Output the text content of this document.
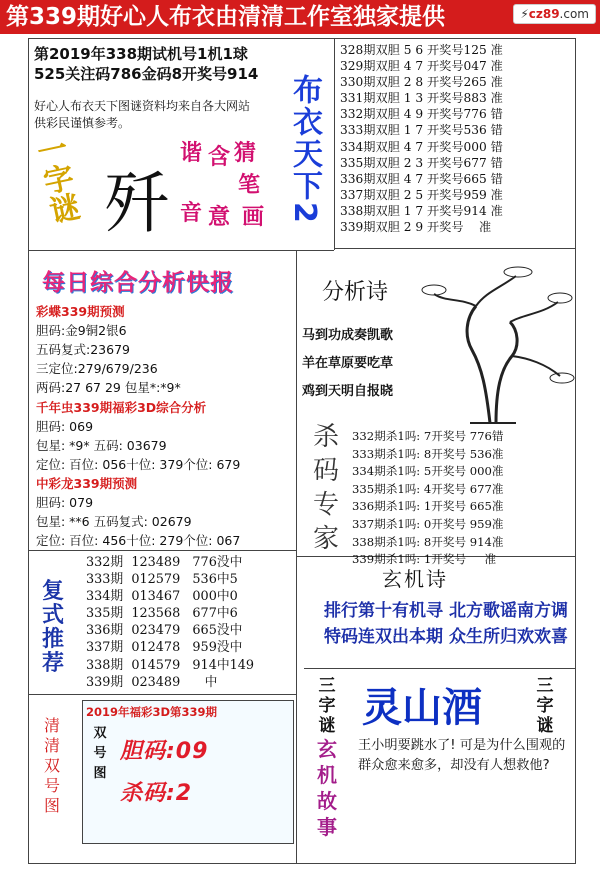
第339期好心人布衣由清清工作室独家提供	⚡cz89.com
第2019年338期试机号1机1球
525关注码786金码8开奖号914
好心人布衣天下图谜资料均来自各大网站
供彩民谨慎参考。
一
字
谜 歼
谐
音
含
意
猜
笔
画 布衣天下2
328期双胆 5 6 开奖号125 准
329期双胆 4 7 开奖号047 准
330期双胆 2 8 开奖号265 准
331期双胆 1 3 开奖号883 准
332期双胆 4 9 开奖号776 错
333期双胆 1 7 开奖号536 错
334期双胆 4 7 开奖号000 错
335期双胆 2 3 开奖号677 错
336期双胆 4 7 开奖号665 错
337期双胆 2 5 开奖号959 准
338期双胆 1 7 开奖号914 准
339期双胆 2 9 开奖号    准
每日综合分析快报
彩蝶339期预测
胆码:金9铜2银6
五码复式:23679
三定位:279/679/236
两码:27 67 29 包星*:*9*
千年虫339期福彩3D综合分析
胆码: 069
包星: *9* 五码: 03679
定位: 百位: 056十位: 379个位: 679
中彩龙339期预测
胆码: 079
包星: **6 五码复式: 02679
定位: 百位: 456十位: 279个位: 067
分析诗
马到功成奏凯歌
羊在草原要吃草
鸡到天明自报晓
杀
码
专
家
332期杀1吗: 7开奖号 776错
333期杀1吗: 8开奖号 536准
334期杀1吗: 5开奖号 000准
335期杀1吗: 4开奖号 677准
336期杀1吗: 1开奖号 665准
337期杀1吗: 0开奖号 959准
338期杀1吗: 8开奖号 914准
339期杀1吗: 1开奖号     准
复
式
推
荐
332期  123489   776没中
333期  012579   536中5
334期  013467   000中0
335期  123568   677中6
336期  023479   665没中
337期  012478   959没中
338期  014579   914中149
339期  023489      中
玄机诗
排行第十有机寻 北方歌谣南方调
特码连双出本期 众生所归欢欢喜
清
清
双
号
图
2019年福彩3D第339期
双
号
图
胆码:09
杀码:2
三
字
谜 灵山酒	三
字
谜
玄
机
故
事
王小明要跳水了! 可是为什么围观的群众愈来愈多，却没有人想救他?
